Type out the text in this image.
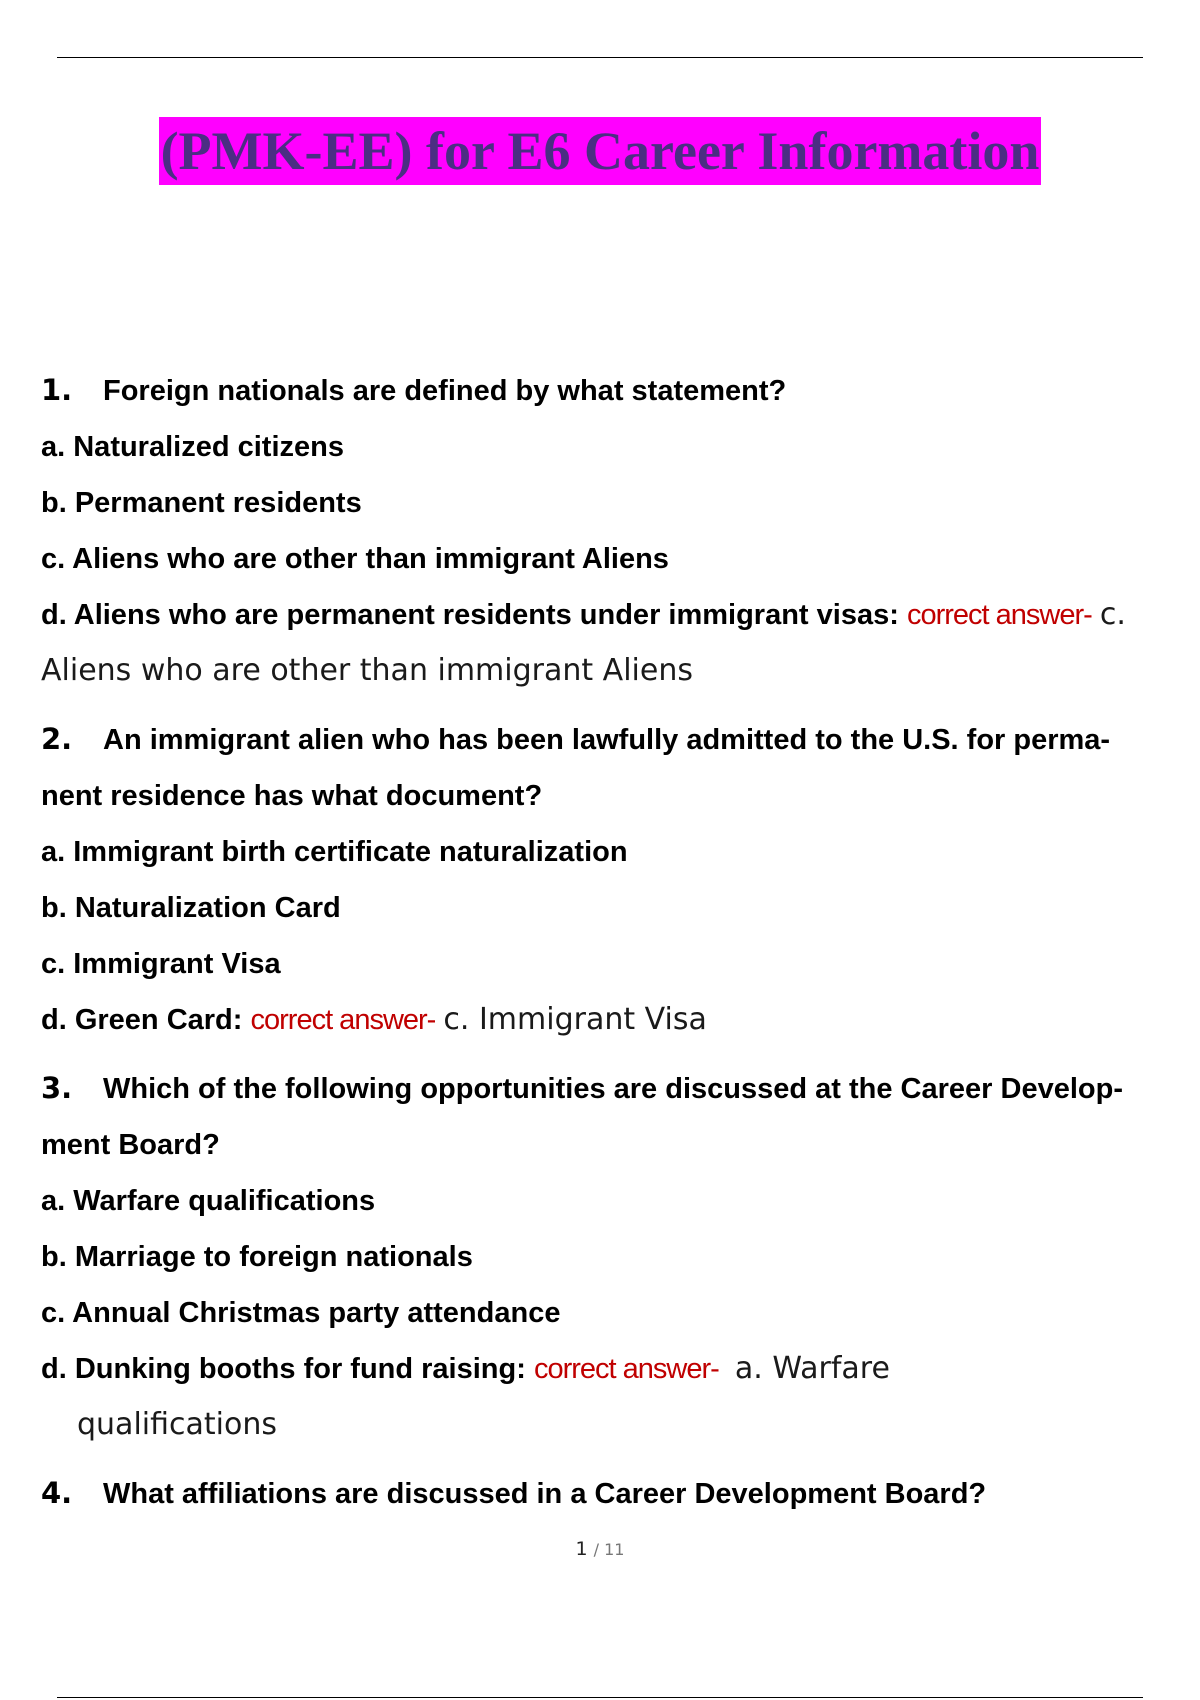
(PMK-EE) for E6 Career Information
1. Foreign nationals are defined by what statement?
a. Naturalized citizens
b. Permanent residents
c. Aliens who are other than immigrant Aliens
d. Aliens who are permanent residents under immigrant visas: correct answer- c. Aliens who are other than immigrant Aliens
2. An immigrant alien who has been lawfully admitted to the U.S. for perma- nent residence has what document?
a. Immigrant birth certificate naturalization
b. Naturalization Card
c. Immigrant Visa
d. Green Card: correct answer- c. Immigrant Visa
3. Which of the following opportunities are discussed at the Career Develop- ment Board?
a. Warfare qualifications
b. Marriage to foreign nationals
c. Annual Christmas party attendance
d. Dunking booths for fund raising: correct answer- a. Warfare
qualifications
4. What affiliations are discussed in a Career Development Board?
1 / 11
